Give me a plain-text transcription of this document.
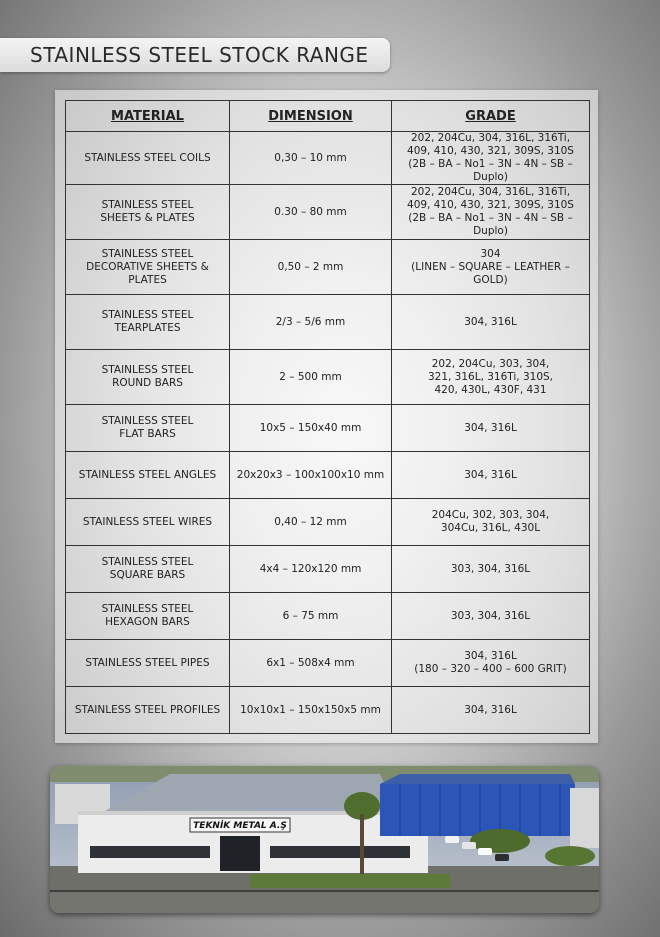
STAINLESS STEEL STOCK RANGE
MATERIAL	DIMENSION	GRADE
STAINLESS STEEL COILS	0,30 – 10 mm	202, 204Cu, 304, 316L, 316Ti,
409, 410, 430, 321, 309S, 310S
(2B – BA – No1 – 3N – 4N – SB – Duplo)
STAINLESS STEEL
SHEETS & PLATES	0.30 – 80 mm	202, 204Cu, 304, 316L, 316Ti,
409, 410, 430, 321, 309S, 310S
(2B – BA – No1 – 3N – 4N – SB – Duplo)
STAINLESS STEEL
DECORATIVE SHEETS & PLATES	0,50 – 2 mm	304
(LINEN – SQUARE – LEATHER – GOLD)
STAINLESS STEEL TEARPLATES	2/3 – 5/6 mm	304, 316L
STAINLESS STEEL
ROUND BARS	2 – 500 mm	202, 204Cu, 303, 304,
321, 316L, 316Ti, 310S,
420, 430L, 430F, 431
STAINLESS STEEL
FLAT BARS	10x5 – 150x40 mm	304, 316L
STAINLESS STEEL ANGLES	20x20x3 – 100x100x10 mm	304, 316L
STAINLESS STEEL WIRES	0,40 – 12 mm	204Cu, 302, 303, 304,
304Cu, 316L, 430L
STAINLESS STEEL
SQUARE BARS	4x4 – 120x120 mm	303, 304, 316L
STAINLESS STEEL
HEXAGON BARS	6 – 75 mm	303, 304, 316L
STAINLESS STEEL PIPES	6x1 – 508x4 mm	304, 316L
(180 – 320 – 400 – 600 GRIT)
STAINLESS STEEL PROFILES	10x10x1 – 150x150x5 mm	304, 316L
TEKNİK METAL A.Ş
